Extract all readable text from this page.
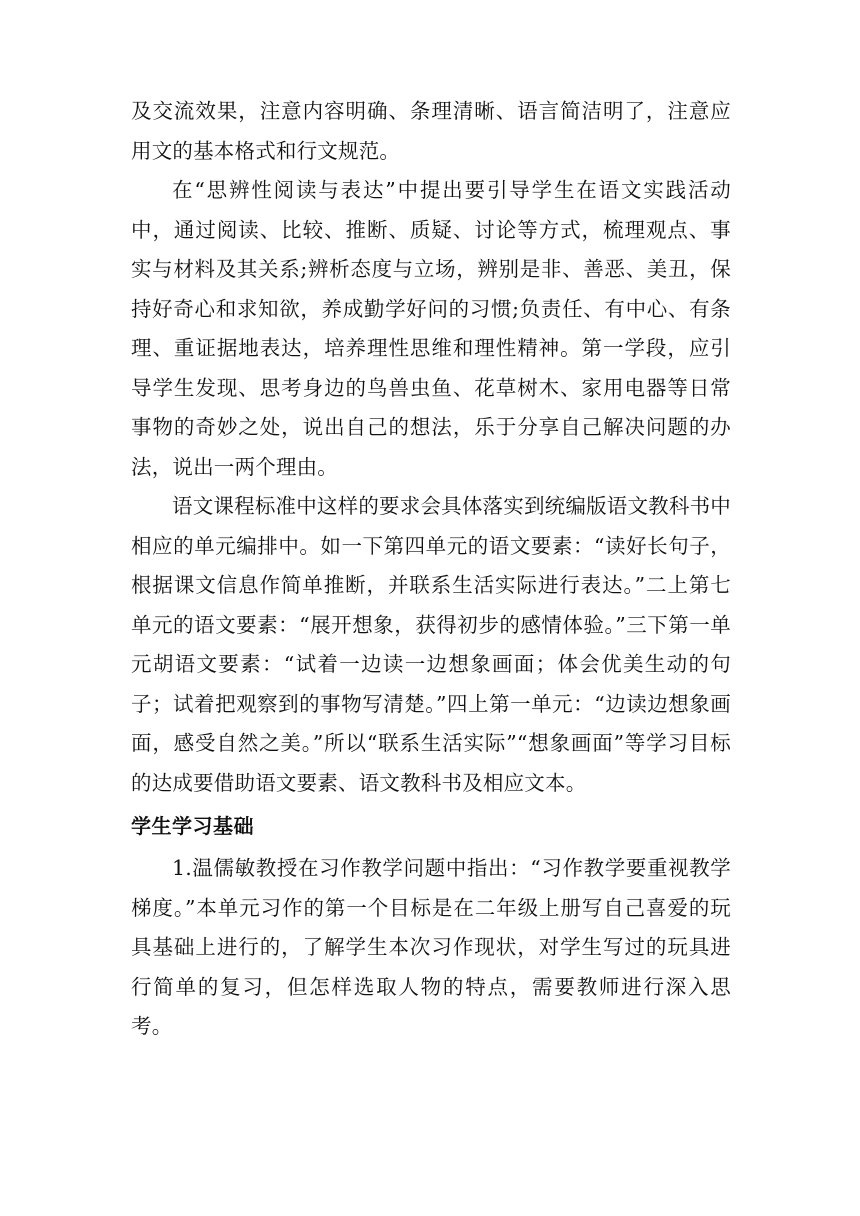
及交流效果，注意内容明确、条理清晰、语言简洁明了，注意应用文的基本格式和行文规范。

在“思辨性阅读与表达”中提出要引导学生在语文实践活动中，通过阅读、比较、推断、质疑、讨论等方式，梳理观点、事实与材料及其关系;辨析态度与立场，辨别是非、善恶、美丑，保持好奇心和求知欲，养成勤学好问的习惯;负责任、有中心、有条理、重证据地表达，培养理性思维和理性精神。第一学段，应引导学生发现、思考身边的鸟兽虫鱼、花草树木、家用电器等日常事物的奇妙之处，说出自己的想法，乐于分享自己解决问题的办法，说出一两个理由。

语文课程标准中这样的要求会具体落实到统编版语文教科书中相应的单元编排中。如一下第四单元的语文要素：“读好长句子，根据课文信息作简单推断，并联系生活实际进行表达。”二上第七单元的语文要素：“展开想象，获得初步的感情体验。”三下第一单元胡语文要素：“试着一边读一边想象画面；体会优美生动的句子；试着把观察到的事物写清楚。”四上第一单元：“边读边想象画面，感受自然之美。”所以“联系生活实际”“想象画面”等学习目标的达成要借助语文要素、语文教科书及相应文本。

学生学习基础

1.温儒敏教授在习作教学问题中指出：“习作教学要重视教学梯度。”本单元习作的第一个目标是在二年级上册写自己喜爱的玩具基础上进行的，了解学生本次习作现状，对学生写过的玩具进行简单的复习，但怎样选取人物的特点，需要教师进行深入思考。
